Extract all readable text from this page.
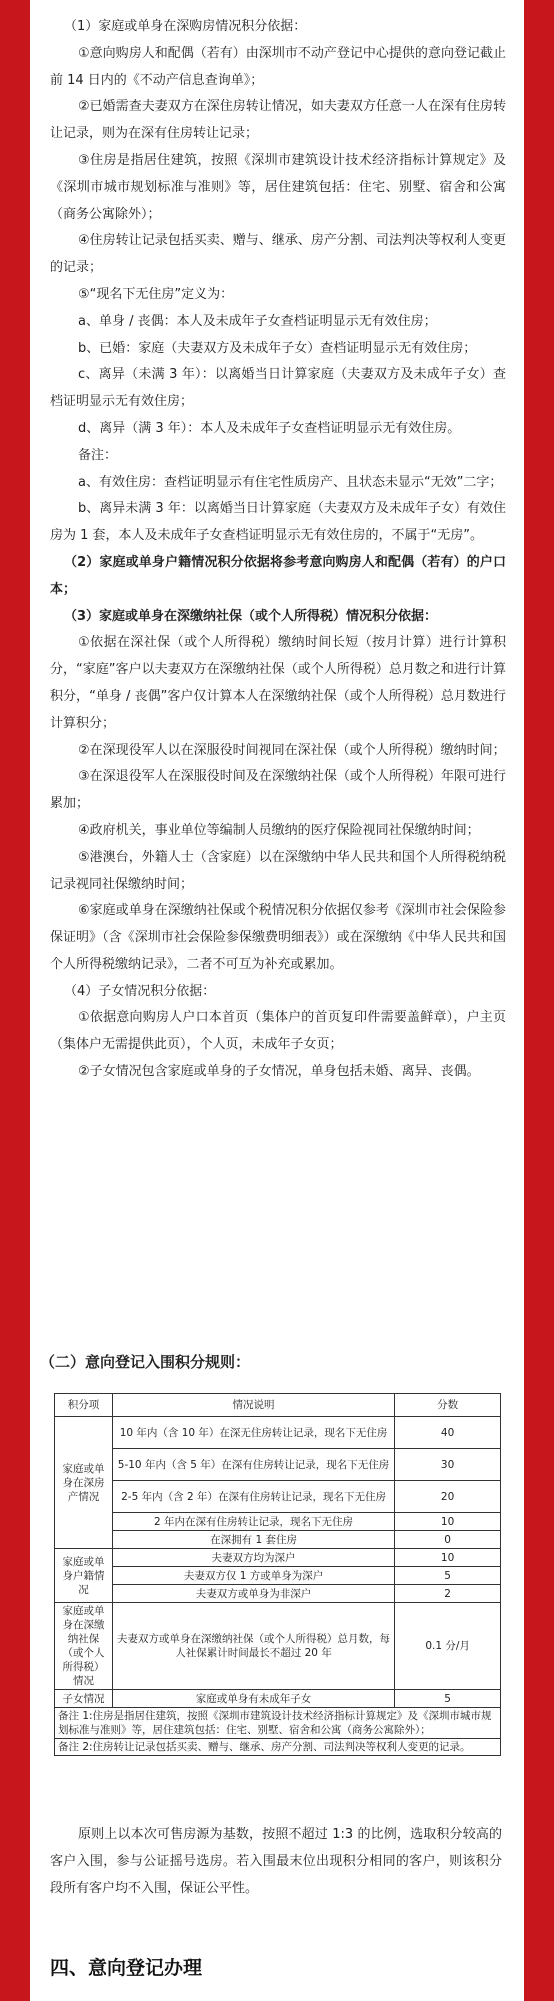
（1）家庭或单身在深购房情况积分依据：

①意向购房人和配偶（若有）由深圳市不动产登记中心提供的意向登记截止前 14 日内的《不动产信息查询单》；

②已婚需查夫妻双方在深住房转让情况，如夫妻双方任意一人在深有住房转让记录，则为在深有住房转让记录；

③住房是指居住建筑，按照《深圳市建筑设计技术经济指标计算规定》及《深圳市城市规划标准与准则》等，居住建筑包括：住宅、别墅、宿舍和公寓（商务公寓除外）；

④住房转让记录包括买卖、赠与、继承、房产分割、司法判决等权利人变更的记录；

⑤“现名下无住房”定义为：

a、单身 / 丧偶：本人及未成年子女查档证明显示无有效住房；

b、已婚：家庭（夫妻双方及未成年子女）查档证明显示无有效住房；

c、离异（未满 3 年）：以离婚当日计算家庭（夫妻双方及未成年子女）查档证明显示无有效住房；

d、离异（满 3 年）：本人及未成年子女查档证明显示无有效住房。

备注：

a、有效住房：查档证明显示有住宅性质房产、且状态未显示“无效”二字；

b、离异未满 3 年：以离婚当日计算家庭（夫妻双方及未成年子女）有效住房为 1 套，本人及未成年子女查档证明显示无有效住房的，不属于“无房”。

（2）家庭或单身户籍情况积分依据将参考意向购房人和配偶（若有）的户口本；

（3）家庭或单身在深缴纳社保（或个人所得税）情况积分依据：

①依据在深社保（或个人所得税）缴纳时间长短（按月计算）进行计算积分，“家庭”客户以夫妻双方在深缴纳社保（或个人所得税）总月数之和进行计算积分，“单身 / 丧偶”客户仅计算本人在深缴纳社保（或个人所得税）总月数进行计算积分；

②在深现役军人以在深服役时间视同在深社保（或个人所得税）缴纳时间；

③在深退役军人在深服役时间及在深缴纳社保（或个人所得税）年限可进行累加；

④政府机关，事业单位等编制人员缴纳的医疗保险视同社保缴纳时间；

⑤港澳台，外籍人士（含家庭）以在深缴纳中华人民共和国个人所得税纳税记录视同社保缴纳时间；

⑥家庭或单身在深缴纳社保或个税情况积分依据仅参考《深圳市社会保险参保证明》（含《深圳市社会保险参保缴费明细表》）或在深缴纳《中华人民共和国个人所得税缴纳记录》，二者不可互为补充或累加。

（4）子女情况积分依据：

①依据意向购房人户口本首页（集体户的首页复印件需要盖鲜章），户主页（集体户无需提供此页），个人页，未成年子女页；

②子女情况包含家庭或单身的子女情况，单身包括未婚、离异、丧偶。

（二）意向登记入围积分规则：
积分项	情况说明	分数
家庭或单身在深房产情况	10 年内（含 10 年）在深无住房转让记录，现名下无住房	40
	5-10 年内（含 5 年）在深有住房转让记录，现名下无住房	30
	2-5 年内（含 2 年）在深有住房转让记录，现名下无住房	20
	2 年内在深有住房转让记录，现名下无住房	10
	在深拥有 1 套住房	0
家庭或单身户籍情况	夫妻双方均为深户	10
	夫妻双方仅 1 方或单身为深户	5
	夫妻双方或单身为非深户	2
家庭或单身在深缴纳社保（或个人所得税）情况	夫妻双方或单身在深缴纳社保（或个人所得税）总月数，每人社保累计时间最长不超过 20 年	0.1 分/月
子女情况	家庭或单身有未成年子女	5
备注 1:住房是指居住建筑，按照《深圳市建筑设计技术经济指标计算规定》及《深圳市城市规划标准与准则》等，居住建筑包括：住宅、别墅、宿舍和公寓（商务公寓除外）；		
备注 2:住房转让记录包括买卖、赠与、继承、房产分割、司法判决等权利人变更的记录。		

原则上以本次可售房源为基数，按照不超过 1:3 的比例，选取积分较高的客户入围，参与公证摇号选房。若入围最末位出现积分相同的客户，则该积分段所有客户均不入围，保证公平性。

四、意向登记办理
